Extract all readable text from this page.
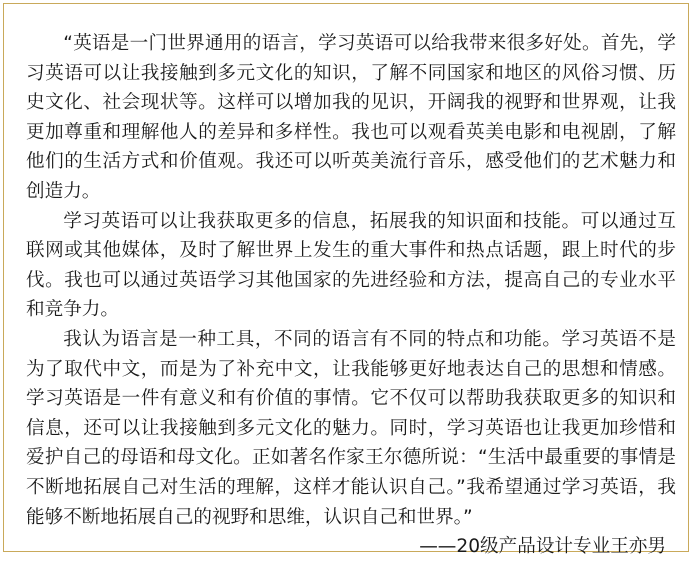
“英语是一门世界通用的语言，学习英语可以给我带来很多好处。首先，学习英语可以让我接触到多元文化的知识，了解不同国家和地区的风俗习惯、历史文化、社会现状等。这样可以增加我的见识，开阔我的视野和世界观，让我更加尊重和理解他人的差异和多样性。我也可以观看英美电影和电视剧，了解他们的生活方式和价值观。我还可以听英美流行音乐，感受他们的艺术魅力和创造力。

学习英语可以让我获取更多的信息，拓展我的知识面和技能。可以通过互联网或其他媒体，及时了解世界上发生的重大事件和热点话题，跟上时代的步伐。我也可以通过英语学习其他国家的先进经验和方法，提高自己的专业水平和竞争力。

我认为语言是一种工具，不同的语言有不同的特点和功能。学习英语不是为了取代中文，而是为了补充中文，让我能够更好地表达自己的思想和情感。学习英语是一件有意义和有价值的事情。它不仅可以帮助我获取更多的知识和信息，还可以让我接触到多元文化的魅力。同时，学习英语也让我更加珍惜和爱护自己的母语和母文化。正如著名作家王尔德所说：“生活中最重要的事情是不断地拓展自己对生活的理解，这样才能认识自己。”我希望通过学习英语，我能够不断地拓展自己的视野和思维，认识自己和世界。”

——20级产品设计专业王亦男
